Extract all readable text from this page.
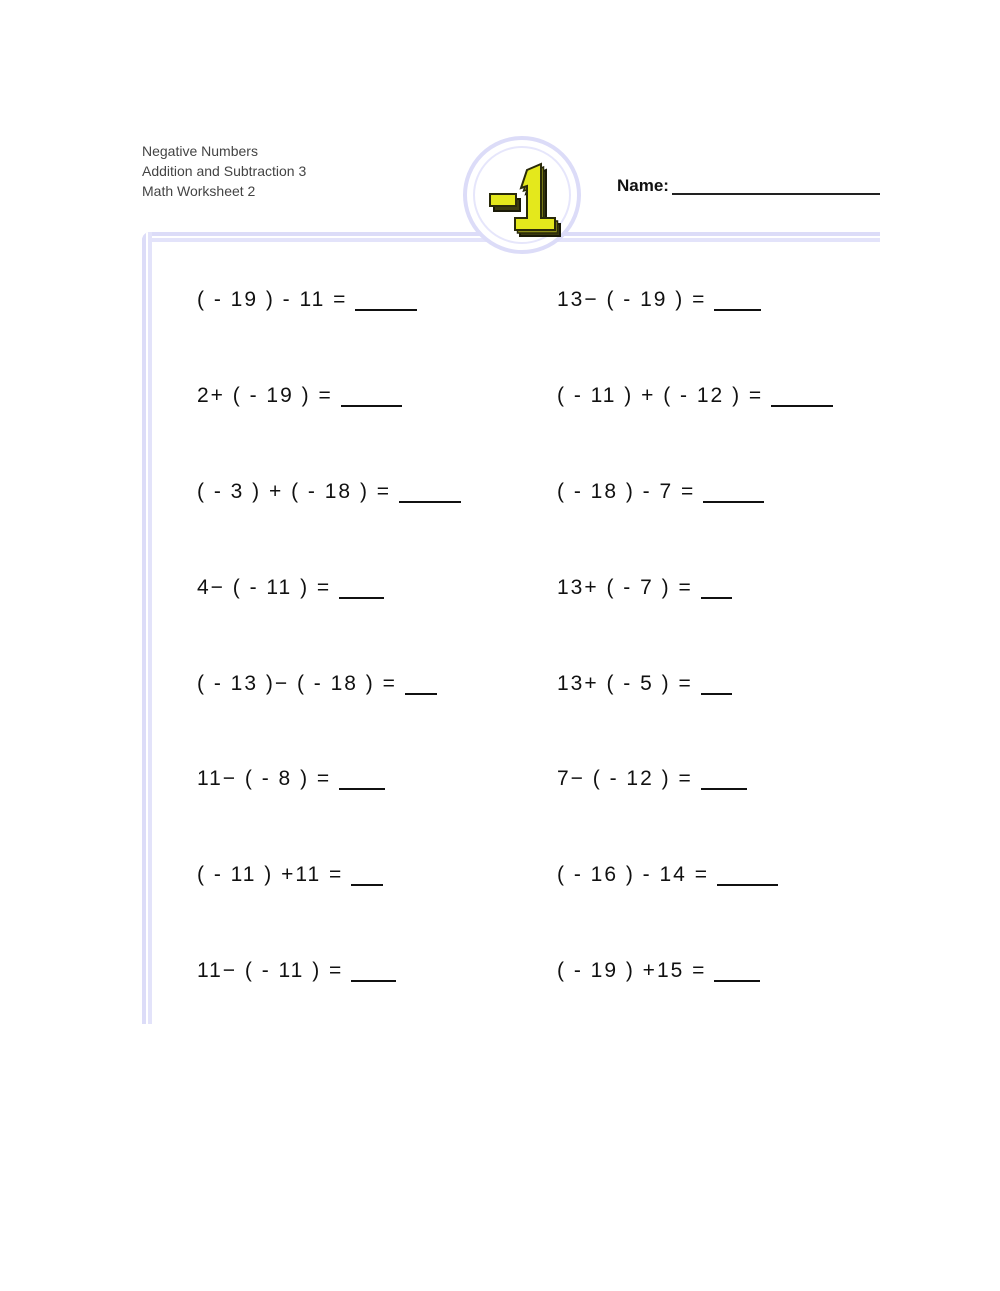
Negative Numbers
Addition and Subtraction 3
Math Worksheet 2	Name:
( - 19 ) - 11 =
2+ ( - 19 ) =
( - 3 ) + ( - 18 ) =
4− ( - 11 ) =
( - 13 )− ( - 18 ) =
11− ( - 8 ) =
( - 11 ) +11 =
11− ( - 11 ) =
13− ( - 19 ) =
( - 11 ) + ( - 12 ) =
( - 18 ) - 7 =
13+ ( - 7 ) =
13+ ( - 5 ) =
7− ( - 12 ) =
( - 16 ) - 14 =
( - 19 ) +15 =
